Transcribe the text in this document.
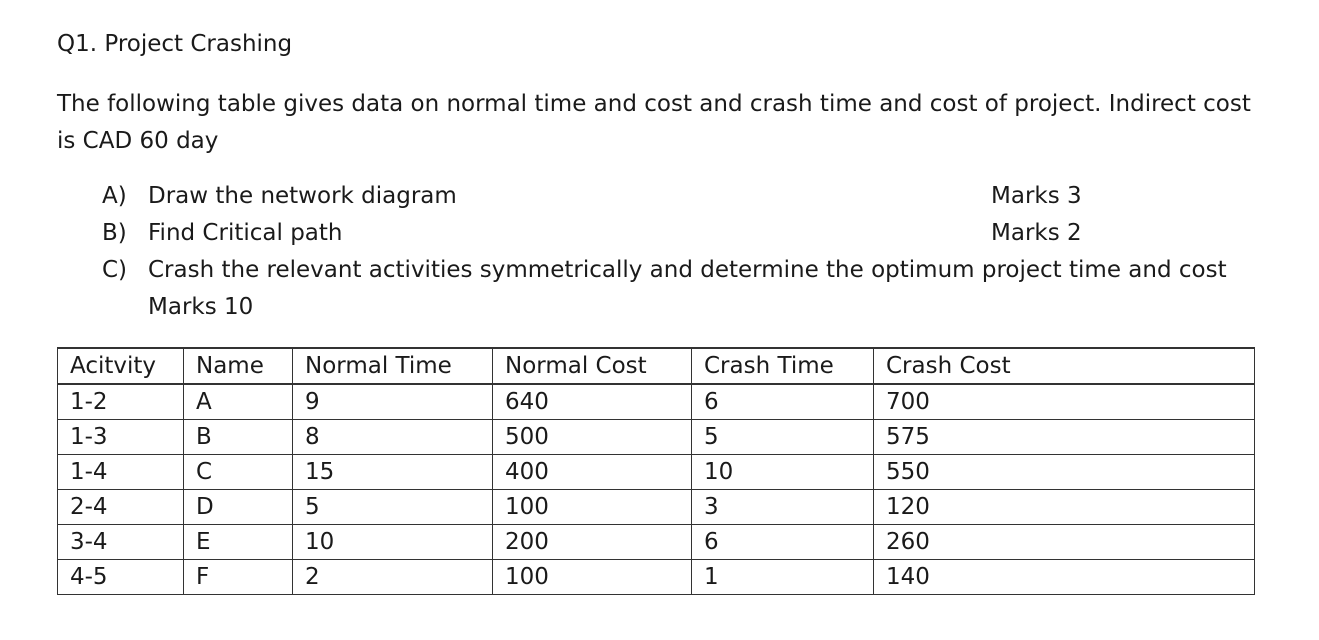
Q1. Project Crashing
The following table gives data on normal time and cost and crash time and cost of project. Indirect cost
is CAD 60 day
A) Draw the network diagram	Marks 3
B) Find Critical path	Marks 2
C) Crash the relevant activities symmetrically and determine the optimum project time and cost
Marks 10
Acitvity	Name	Normal Time	Normal Cost	Crash Time	Crash Cost
1-2	A	9	640	6	700
1-3	B	8	500	5	575
1-4	C	15	400	10	550
2-4	D	5	100	3	120
3-4	E	10	200	6	260
4-5	F	2	100	1	140
